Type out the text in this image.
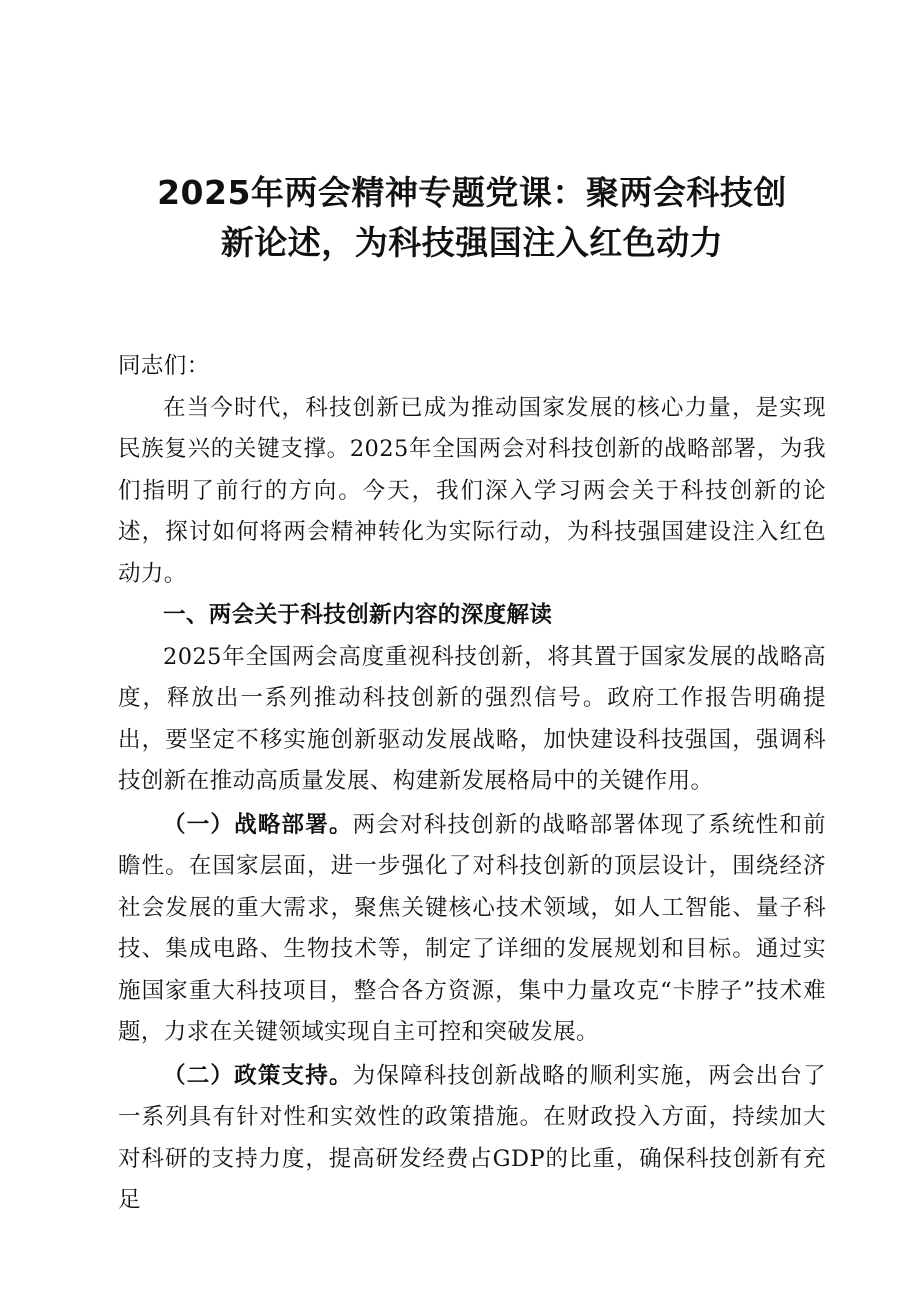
2025年两会精神专题党课：聚两会科技创
新论述，为科技强国注入红色动力

同志们：

在当今时代，科技创新已成为推动国家发展的核心力量，是实现民族复兴的关键支撑。2025年全国两会对科技创新的战略部署，为我们指明了前行的方向。今天，我们深入学习两会关于科技创新的论述，探讨如何将两会精神转化为实际行动，为科技强国建设注入红色动力。

一、两会关于科技创新内容的深度解读

2025年全国两会高度重视科技创新，将其置于国家发展的战略高度，释放出一系列推动科技创新的强烈信号。政府工作报告明确提出，要坚定不移实施创新驱动发展战略，加快建设科技强国，强调科技创新在推动高质量发展、构建新发展格局中的关键作用。

（一）战略部署。两会对科技创新的战略部署体现了系统性和前瞻性。在国家层面，进一步强化了对科技创新的顶层设计，围绕经济社会发展的重大需求，聚焦关键核心技术领域，如人工智能、量子科技、集成电路、生物技术等，制定了详细的发展规划和目标。通过实施国家重大科技项目，整合各方资源，集中力量攻克“卡脖子”技术难题，力求在关键领域实现自主可控和突破发展。

（二）政策支持。为保障科技创新战略的顺利实施，两会出台了一系列具有针对性和实效性的政策措施。在财政投入方面，持续加大对科研的支持力度，提高研发经费占GDP的比重，确保科技创新有充足
